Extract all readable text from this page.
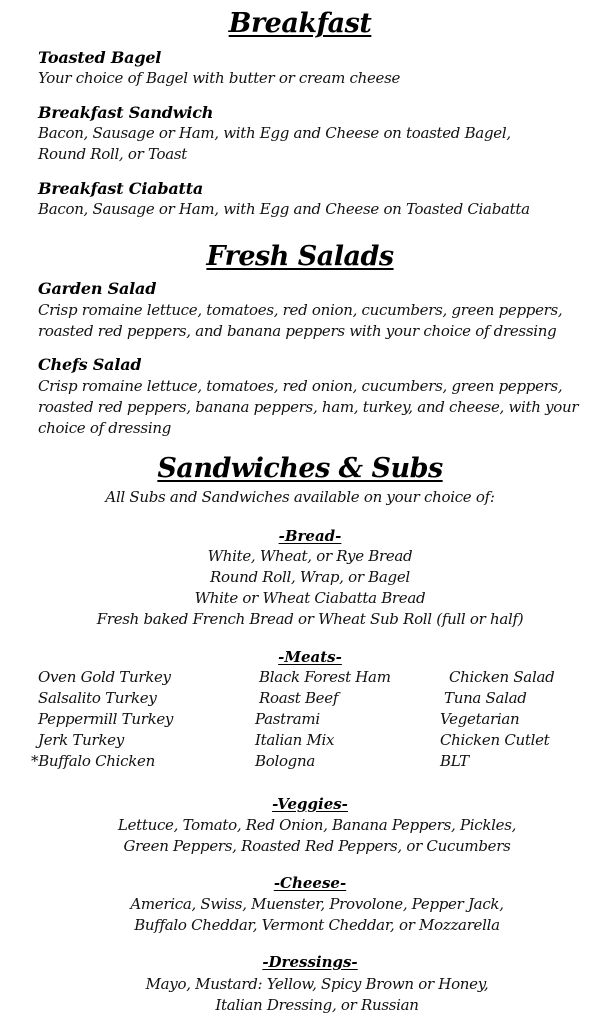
Breakfast
Toasted Bagel
Your choice of Bagel with butter or cream cheese
Breakfast Sandwich
Bacon, Sausage or Ham, with Egg and Cheese on toasted Bagel,
Round Roll, or Toast
Breakfast Ciabatta
Bacon, Sausage or Ham, with Egg and Cheese on Toasted Ciabatta
Fresh Salads
Garden Salad
Crisp romaine lettuce, tomatoes, red onion, cucumbers, green peppers,
roasted red peppers, and banana peppers with your choice of dressing
Chefs Salad
Crisp romaine lettuce, tomatoes, red onion, cucumbers, green peppers,
roasted red peppers, banana peppers, ham, turkey, and cheese, with your
choice of dressing
Sandwiches & Subs
All Subs and Sandwiches available on your choice of:
-Bread-
White, Wheat, or Rye Bread
Round Roll, Wrap, or Bagel
White or Wheat Ciabatta Bread
Fresh baked French Bread or Wheat Sub Roll (full or half)
-Meats-
Oven Gold Turkey
Salsalito Turkey
Peppermill Turkey
Jerk Turkey
*Buffalo Chicken
Black Forest Ham
Roast Beef
Pastrami
Italian Mix
Bologna
Chicken Salad
Tuna Salad
Vegetarian
Chicken Cutlet
BLT
-Veggies-
Lettuce, Tomato, Red Onion, Banana Peppers, Pickles,
Green Peppers, Roasted Red Peppers, or Cucumbers
-Cheese-
America, Swiss, Muenster, Provolone, Pepper Jack,
Buffalo Cheddar, Vermont Cheddar, or Mozzarella
-Dressings-
Mayo, Mustard: Yellow, Spicy Brown or Honey,
Italian Dressing, or Russian
